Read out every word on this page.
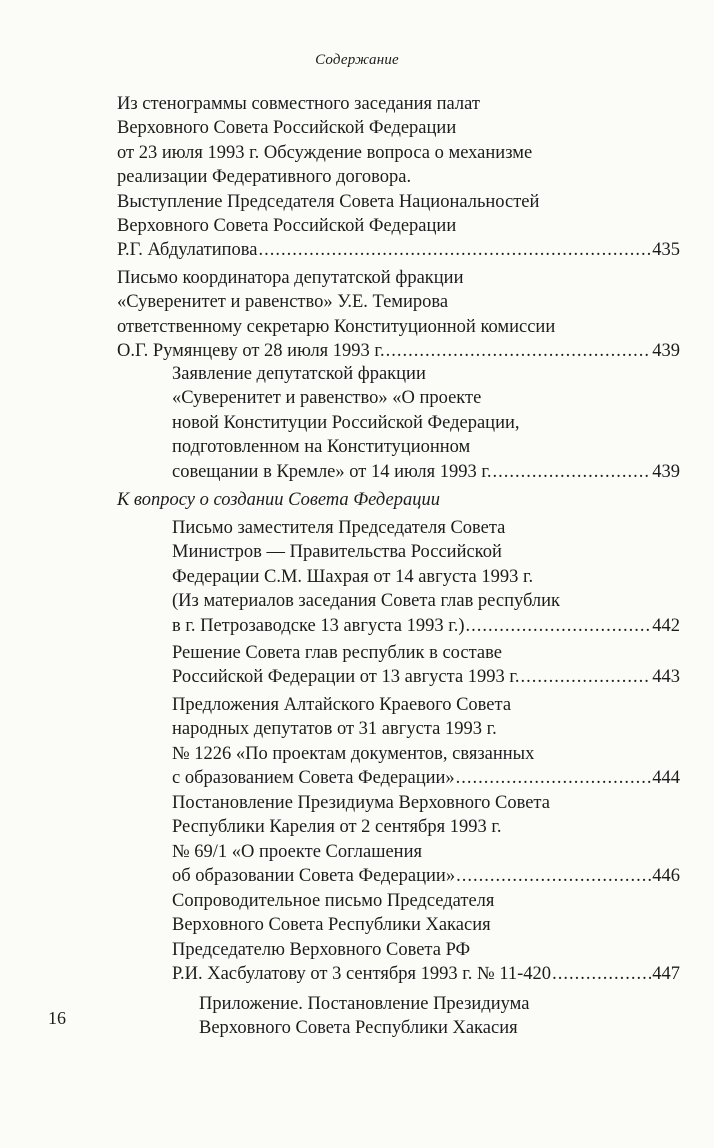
Содержание
Из стенограммы совместного заседания палат
Верховного Совета Российской Федерации
от 23 июля 1993 г. Обсуждение вопроса о механизме
реализации Федеративного договора.
Выступление Председателя Совета Национальностей
Верховного Совета Российской Федерации
Р.Г. Абдулатипова .....	435
Письмо координатора депутатской фракции
«Суверенитет и равенство» У.Е. Темирова
ответственному секретарю Конституционной комиссии
О.Г. Румянцеву от 28 июля 1993 г. .....	439
Заявление депутатской фракции
«Суверенитет и равенство» «О проекте
новой Конституции Российской Федерации,
подготовленном на Конституционном
совещании в Кремле» от 14 июля 1993 г. .....	439
К вопросу о создании Совета Федерации
Письмо заместителя Председателя Совета
Министров — Правительства Российской
Федерации С.М. Шахрая от 14 августа 1993 г.
(Из материалов заседания Совета глав республик
в г. Петрозаводске 13 августа 1993 г.) .....	442
Решение Совета глав республик в составе
Российской Федерации от 13 августа 1993 г. .....	443
Предложения Алтайского Краевого Совета
народных депутатов от 31 августа 1993 г.
№ 1226 «По проектам документов, связанных
с образованием Совета Федерации» .....	444
Постановление Президиума Верховного Совета
Республики Карелия от 2 сентября 1993 г.
№ 69/1 «О проекте Соглашения
об образовании Совета Федерации» .....	446
Сопроводительное письмо Председателя
Верховного Совета Республики Хакасия
Председателю Верховного Совета РФ
Р.И. Хасбулатову от 3 сентября 1993 г. № 11-420 .....	447
Приложение. Постановление Президиума
Верховного Совета Республики Хакасия
16
